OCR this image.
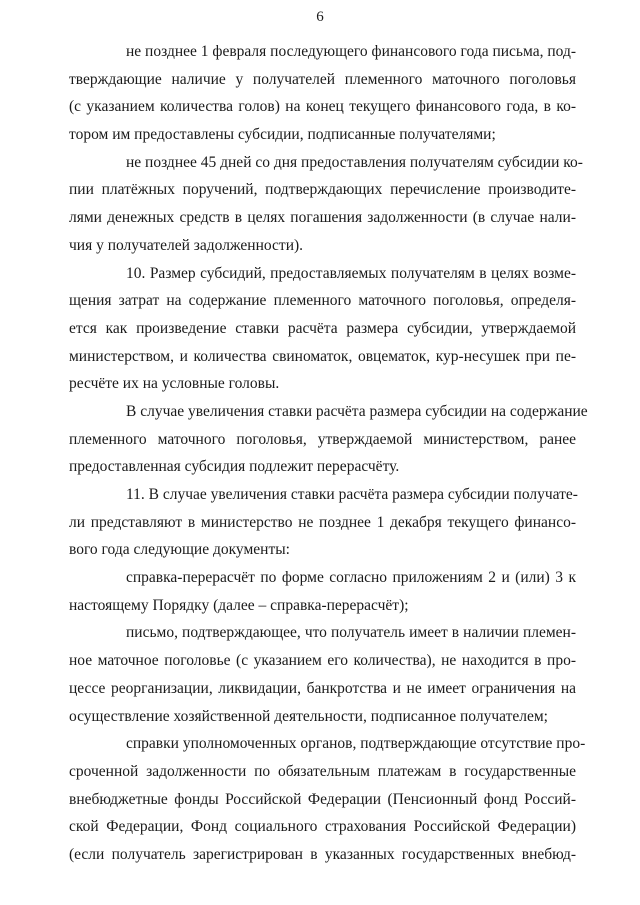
6
не позднее 1 февраля последующего финансового года письма, под-
тверждающие наличие у получателей племенного маточного поголовья
(с указанием количества голов) на конец текущего финансового года, в ко-
тором им предоставлены субсидии, подписанные получателями;
не позднее 45 дней со дня предоставления получателям субсидии ко-
пии платёжных поручений, подтверждающих перечисление производите-
лями денежных средств в целях погашения задолженности (в случае нали-
чия у получателей задолженности).
10. Размер субсидий, предоставляемых получателям в целях возме-
щения затрат на содержание племенного маточного поголовья, определя-
ется как произведение ставки расчёта размера субсидии, утверждаемой
министерством, и количества свиноматок, овцематок, кур-несушек при пе-
ресчёте их на условные головы.
В случае увеличения ставки расчёта размера субсидии на содержание
племенного маточного поголовья, утверждаемой министерством, ранее
предоставленная субсидия подлежит перерасчёту.
11. В случае увеличения ставки расчёта размера субсидии получате-
ли представляют в министерство не позднее 1 декабря текущего финансо-
вого года следующие документы:
справка-перерасчёт по форме согласно приложениям 2 и (или) 3 к
настоящему Порядку (далее – справка-перерасчёт);
письмо, подтверждающее, что получатель имеет в наличии племен-
ное маточное поголовье (с указанием его количества), не находится в про-
цессе реорганизации, ликвидации, банкротства и не имеет ограничения на
осуществление хозяйственной деятельности, подписанное получателем;
справки уполномоченных органов, подтверждающие отсутствие про-
сроченной задолженности по обязательным платежам в государственные
внебюджетные фонды Российской Федерации (Пенсионный фонд Россий-
ской Федерации, Фонд социального страхования Российской Федерации)
(если получатель зарегистрирован в указанных государственных внебюд-
